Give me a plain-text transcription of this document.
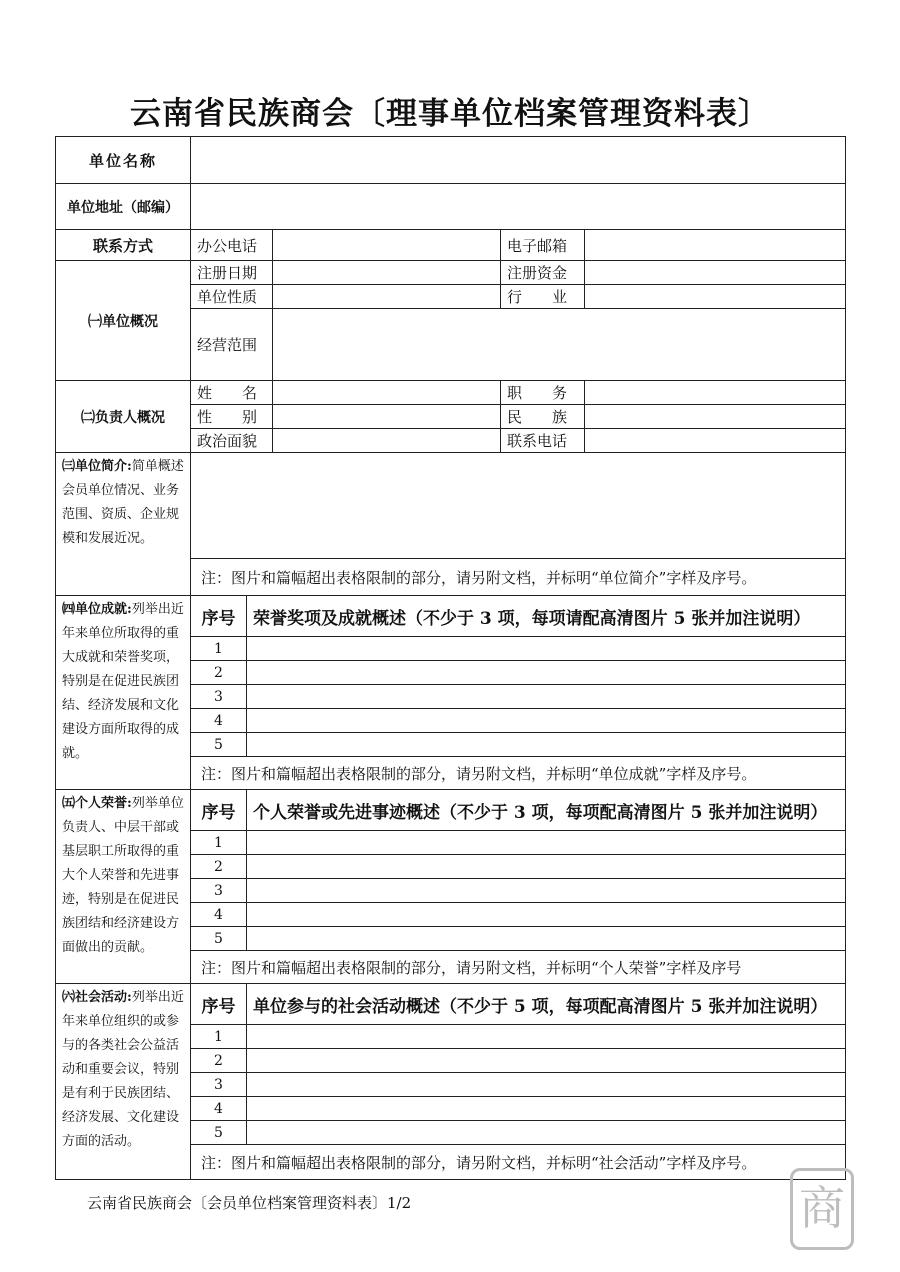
云南省民族商会〔理事单位档案管理资料表〕
单位名称					
单位地址（邮编）					
联系方式	办公电话			电子邮箱	
㈠单位概况	注册日期			注册资金	
	单位性质			行　　业	
	经营范围				
㈡负责人概况	姓　　名			职　　务	
	性　　别			民　　族	
	政治面貌			联系电话	
㈢单位简介:简单概述会员单位情况、业务范围、资质、企业规模和发展近况。					
	注：图片和篇幅超出表格限制的部分，请另附文档，并标明“单位简介”字样及序号。				
㈣单位成就:列举出近年来单位所取得的重大成就和荣誉奖项，特别是在促进民族团结、经济发展和文化建设方面所取得的成就。	序号	荣誉奖项及成就概述（不少于 3 项，每项请配高清图片 5 张并加注说明）			
	1				
	2				
	3				
	4				
	5				
	注：图片和篇幅超出表格限制的部分，请另附文档，并标明“单位成就”字样及序号。				
㈤个人荣誉:列举单位负责人、中层干部或基层职工所取得的重大个人荣誉和先进事迹，特别是在促进民族团结和经济建设方面做出的贡献。	序号	个人荣誉或先进事迹概述（不少于 3 项，每项配高清图片 5 张并加注说明）			
	1				
	2				
	3				
	4				
	5				
	注：图片和篇幅超出表格限制的部分，请另附文档，并标明“个人荣誉”字样及序号				
㈥社会活动:列举出近年来单位组织的或参与的各类社会公益活动和重要会议，特别是有利于民族团结、经济发展、文化建设方面的活动。	序号	单位参与的社会活动概述（不少于 5 项，每项配高清图片 5 张并加注说明）			
	1				
	2				
	3				
	4				
	5				
	注：图片和篇幅超出表格限制的部分，请另附文档，并标明“社会活动”字样及序号。				
云南省民族商会〔会员单位档案管理资料表〕1/2	商
